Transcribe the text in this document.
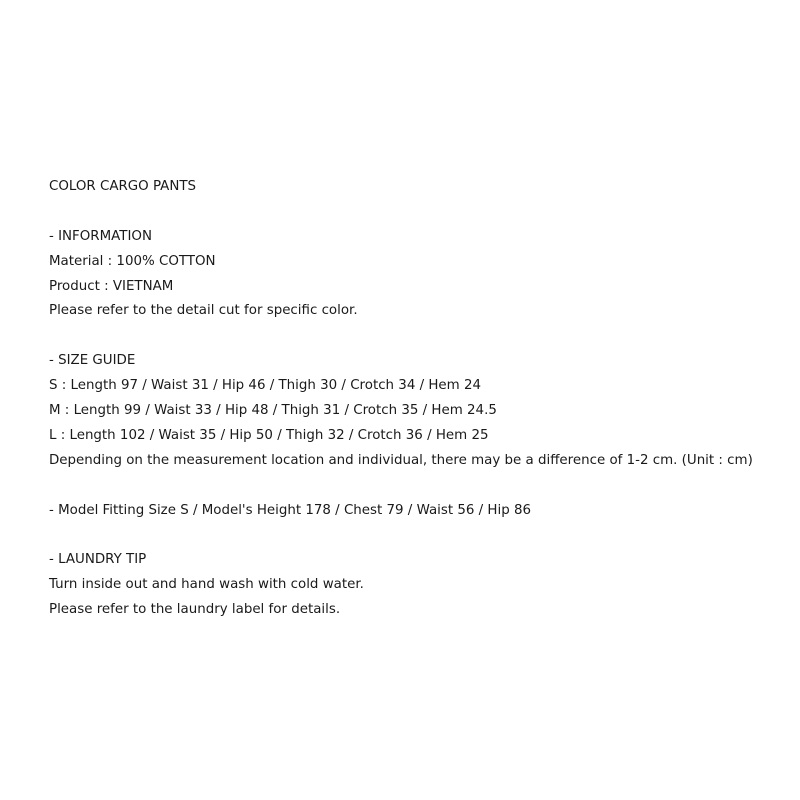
COLOR CARGO PANTS
- INFORMATION
Material : 100% COTTON
Product : VIETNAM
Please refer to the detail cut for specific color.
- SIZE GUIDE
S : Length 97 / Waist 31 / Hip 46 / Thigh 30 / Crotch 34 / Hem 24
M : Length 99 / Waist 33 / Hip 48 / Thigh 31 / Crotch 35 / Hem 24.5
L : Length 102 / Waist 35 / Hip 50 / Thigh 32 / Crotch 36 / Hem 25
Depending on the measurement location and individual, there may be a difference of 1-2 cm. (Unit : cm)
- Model Fitting Size S / Model's Height 178 / Chest 79 / Waist 56 / Hip 86
- LAUNDRY TIP
Turn inside out and hand wash with cold water.
Please refer to the laundry label for details.
